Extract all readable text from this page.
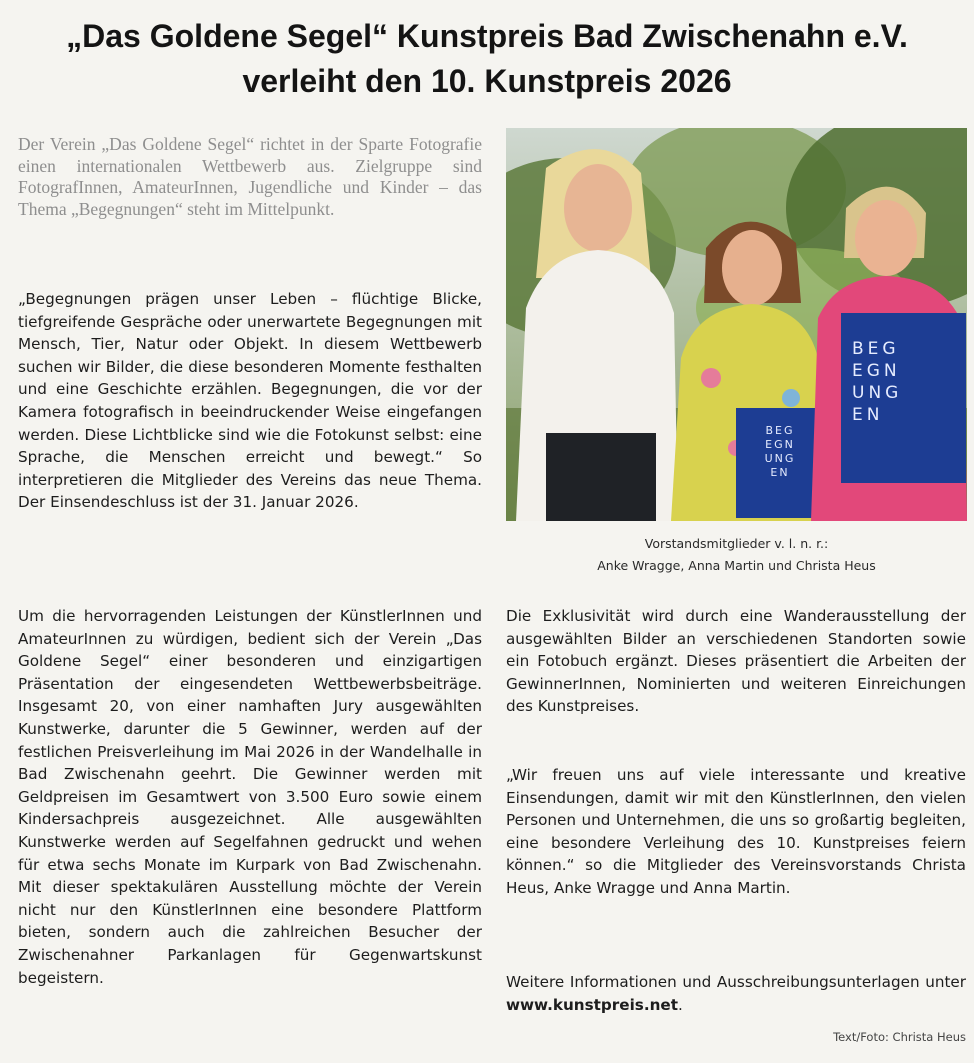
„Das Goldene Segel“ Kunstpreis Bad Zwischenahn e.V.
verleiht den 10. Kunstpreis 2026

Der Verein „Das Goldene Segel“ richtet in der Sparte Fotografie einen internationalen Wettbewerb aus. Zielgruppe sind FotografInnen, AmateurInnen, Jugendliche und Kinder – das Thema „Begegnungen“ steht im Mittelpunkt.

„Begegnungen prägen unser Leben – flüchtige Blicke, tiefgreifende Gespräche oder unerwartete Begegnungen mit Mensch, Tier, Natur oder Objekt. In diesem Wettbewerb suchen wir Bilder, die diese besonderen Momente festhalten und eine Geschichte erzählen. Begegnungen, die vor der Kamera fotografisch in beeindruckender Weise eingefangen werden. Diese Lichtblicke sind wie die Fotokunst selbst: eine Sprache, die Menschen erreicht und bewegt.“ So interpretieren die Mitglieder des Vereins das neue Thema. Der Einsendeschluss ist der 31. Januar 2026.

Um die hervorragenden Leistungen der KünstlerInnen und AmateurInnen zu würdigen, bedient sich der Verein „Das Goldene Segel“ einer besonderen und einzigartigen Präsentation der eingesendeten Wettbewerbsbeiträge. Insgesamt 20, von einer namhaften Jury ausgewählten Kunstwerke, darunter die 5 Gewinner, werden auf der festlichen Preisverleihung im Mai 2026 in der Wandelhalle in Bad Zwischenahn geehrt. Die Gewinner werden mit Geldpreisen im Gesamtwert von 3.500 Euro sowie einem Kindersachpreis ausgezeichnet. Alle ausgewählten Kunstwerke werden auf Segelfahnen gedruckt und wehen für etwa sechs Monate im Kurpark von Bad Zwischenahn. Mit dieser spektakulären Ausstellung möchte der Verein nicht nur den KünstlerInnen eine besondere Plattform bieten, sondern auch die zahlreichen Besucher der Zwischenahner Parkanlagen für Gegenwartskunst begeistern.

BEG
EGN
UNG
EN
BEG
EGN
UNG
EN

Vorstandsmitglieder v. l. n. r.:
Anke Wragge, Anna Martin und Christa Heus

Die Exklusivität wird durch eine Wanderausstellung der ausgewählten Bilder an verschiedenen Standorten sowie ein Fotobuch ergänzt. Dieses präsentiert die Arbeiten der GewinnerInnen, Nominierten und weiteren Einreichungen des Kunstpreises.

„Wir freuen uns auf viele interessante und kreative Einsendungen, damit wir mit den KünstlerInnen, den vielen Personen und Unternehmen, die uns so großartig begleiten, eine besondere Verleihung des 10. Kunstpreises feiern können.“ so die Mitglieder des Vereinsvorstands Christa Heus, Anke Wragge und Anna Martin.

Weitere Informationen und Ausschreibungsunterlagen unter www.kunstpreis.net.

Text/Foto: Christa Heus
